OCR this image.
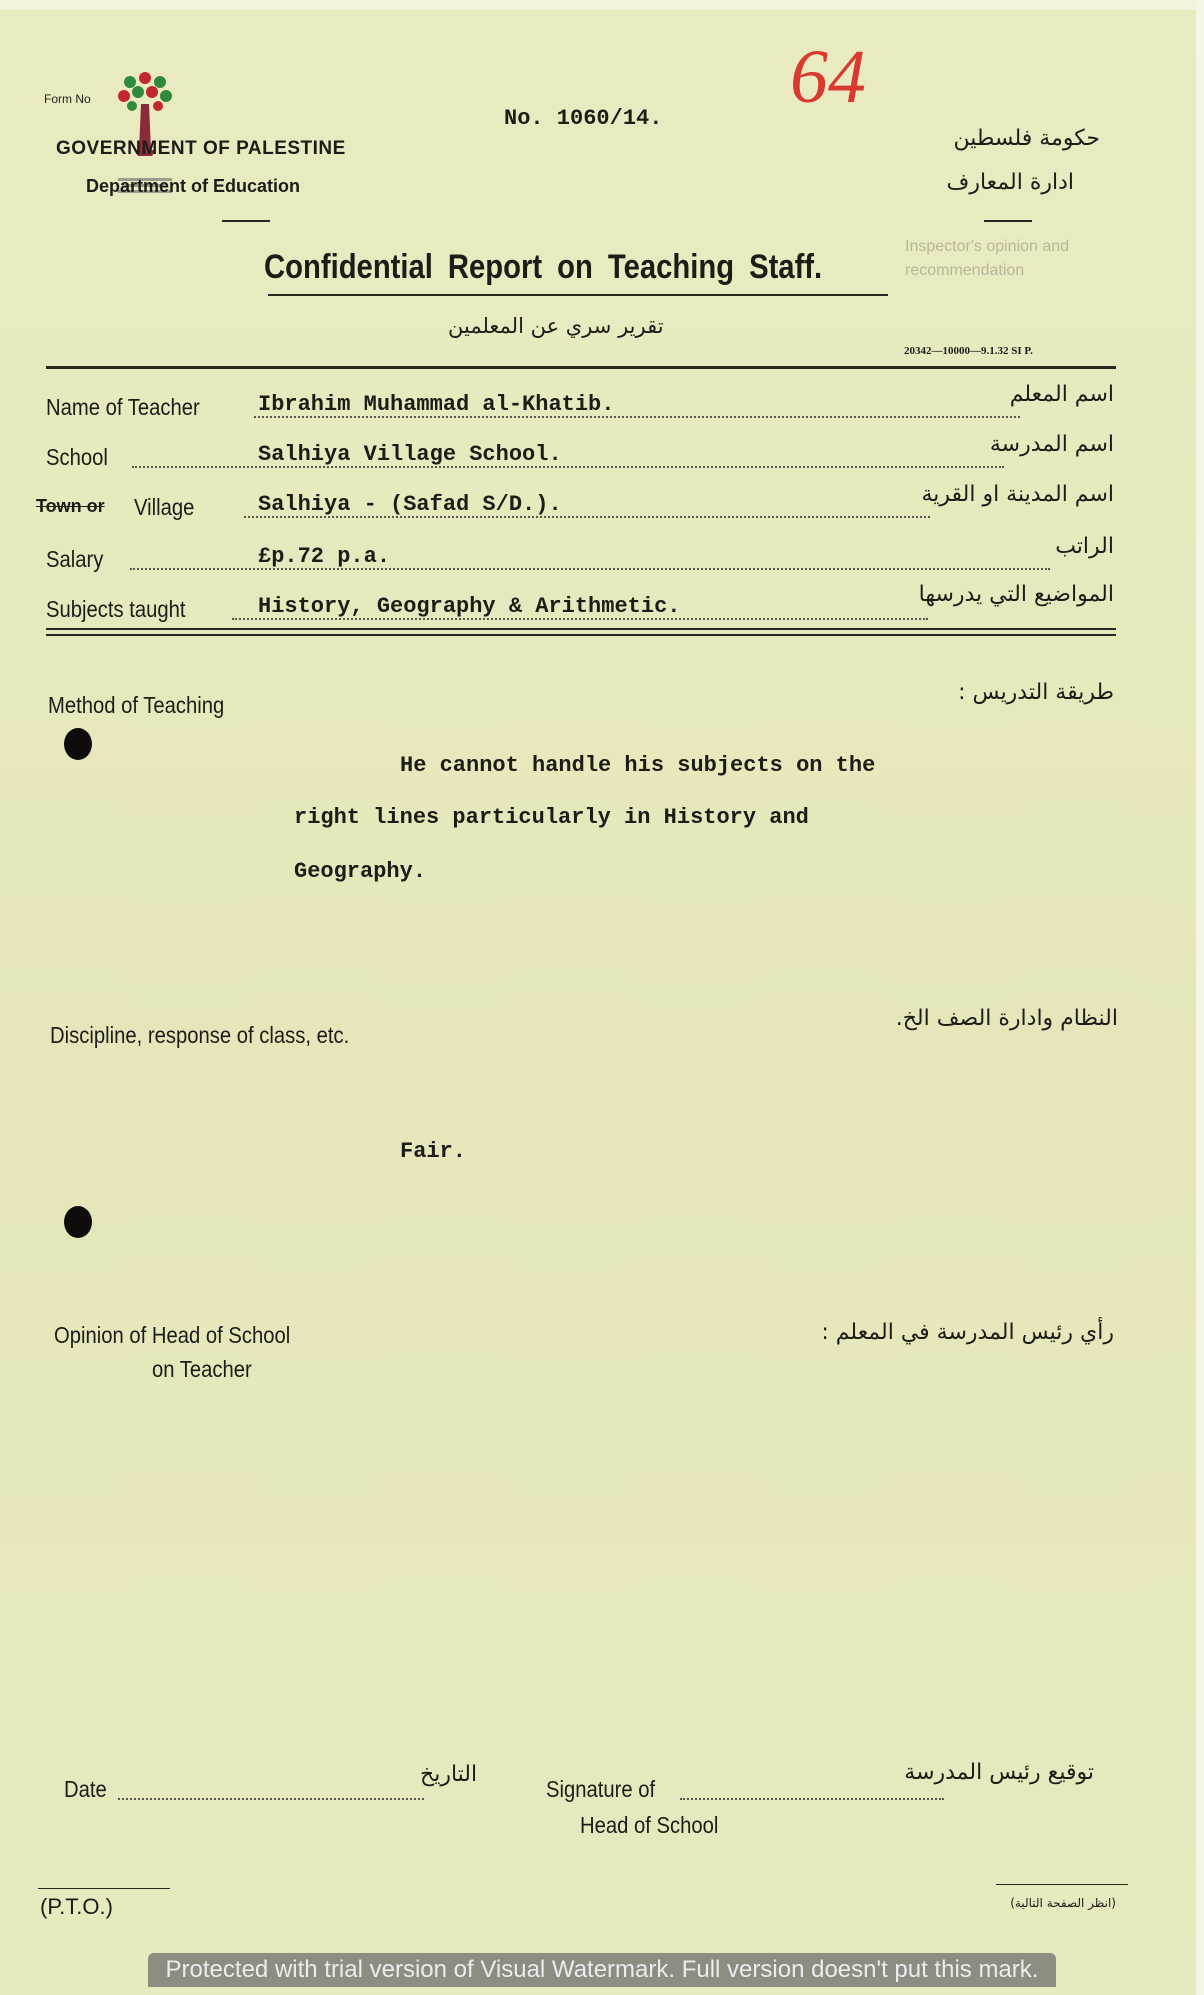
Form No
GOVERNMENT OF PALESTINE
Department of Education
No. 1060/14. 64
حكومة فلسطين
ادارة المعارف
Confidential Report on Teaching Staff.
تقرير سري عن المعلمين
20342—10000—9.1.32 SI P.
Inspector's opinion and
recommendation
Name of Teacher	Ibrahim Muhammad al-Khatib.	اسم المعلم
School	Salhiya Village School.	اسم المدرسة
Town or Village	Salhiya - (Safad S/D.).	اسم المدينة او القرية
Salary	£p.72 p.a.	الراتب
Subjects taught	History, Geography & Arithmetic.	المواضيع التي يدرسها
Method of Teaching	طريقة التدريس :
He cannot handle his subjects on the
right lines particularly in History and
Geography.
Discipline, response of class, etc.
النظام وادارة الصف الخ.
Fair.
Opinion of Head of School
on Teacher
رأي رئيس المدرسة في المعلم :
Date
التاريخ
Signature of
Head of School
توقيع رئيس المدرسة
(P.T.O.)	(انظر الصفحة التالية)
Protected with trial version of Visual Watermark. Full version doesn't put this mark.
